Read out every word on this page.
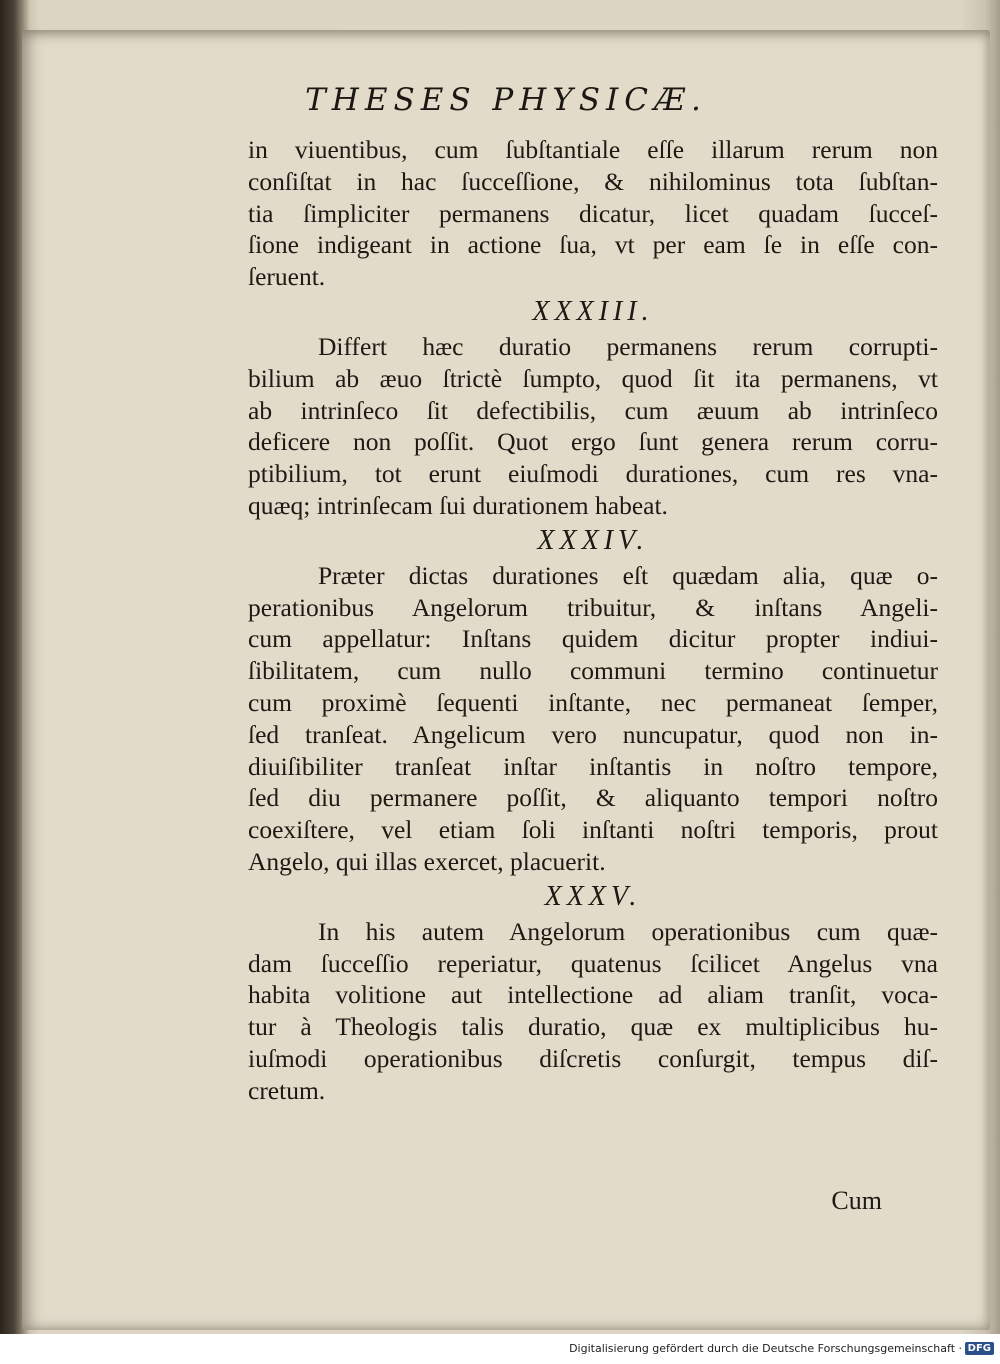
THESES PHYSICÆ.
in viuentibus, cum ſubſtantiale eſſe illarum rerum non
conſiſtat in hac ſucceſſione, & nihilominus tota ſubſtan-
tia ſimpliciter permanens dicatur, licet quadam ſucceſ-
ſione indigeant in actione ſua, vt per eam ſe in eſſe con-
ſeruent.
XXXIII.
Differt hæc duratio permanens rerum corrupti-
bilium ab æuo ſtrictè ſumpto, quod ſit ita permanens, vt
ab intrinſeco ſit defectibilis, cum æuum ab intrinſeco
deficere non poſſit. Quot ergo ſunt genera rerum corru-
ptibilium, tot erunt eiuſmodi durationes, cum res vna-
quæq; intrinſecam ſui durationem habeat.
XXXIV.
Præter dictas durationes eſt quædam alia, quæ o-
perationibus Angelorum tribuitur, & inſtans Angeli-
cum appellatur: Inſtans quidem dicitur propter indiui-
ſibilitatem, cum nullo communi termino continuetur
cum proximè ſequenti inſtante, nec permaneat ſemper,
ſed tranſeat. Angelicum vero nuncupatur, quod non in-
diuiſibiliter tranſeat inſtar inſtantis in noſtro tempore,
ſed diu permanere poſſit, & aliquanto tempori noſtro
coexiſtere, vel etiam ſoli inſtanti noſtri temporis, prout
Angelo, qui illas exercet, placuerit.
XXXV.
In his autem Angelorum operationibus cum quæ-
dam ſucceſſio reperiatur, quatenus ſcilicet Angelus vna
habita volitione aut intellectione ad aliam tranſit, voca-
tur à Theologis talis duratio, quæ ex multiplicibus hu-
iuſmodi operationibus diſcretis conſurgit, tempus diſ-
cretum.
Cum
Digitalisierung gefördert durch die Deutsche Forschungsgemeinschaft · DFG
